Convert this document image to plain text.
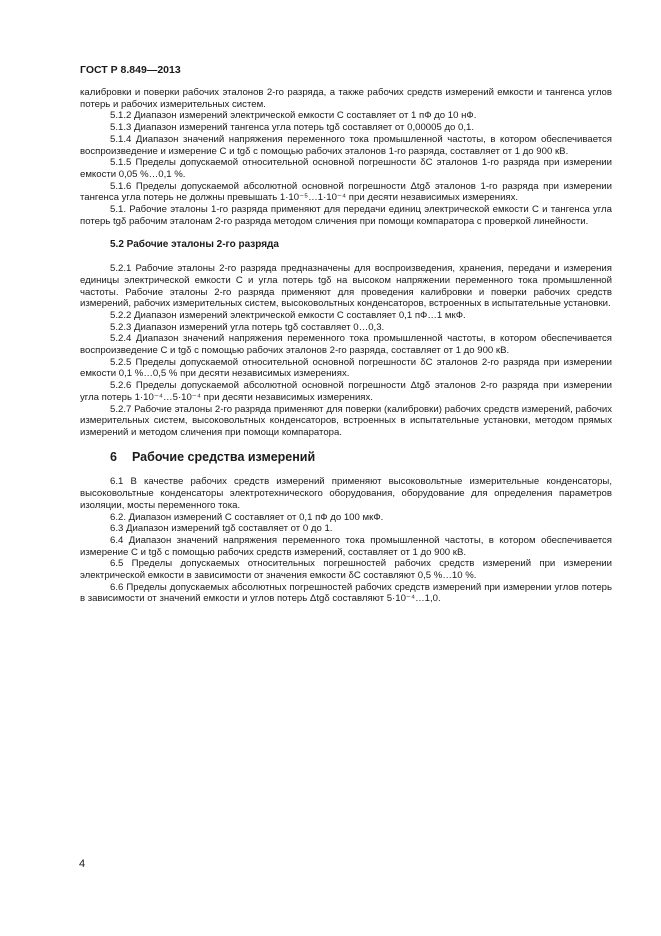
ГОСТ Р 8.849—2013

калибровки и поверки рабочих эталонов 2-го разряда, а также рабочих средств измерений емкости и тангенса углов потерь и рабочих измерительных систем.

5.1.2 Диапазон измерений электрической емкости C составляет от 1 пФ до 10 нФ.

5.1.3 Диапазон измерений тангенса угла потерь tgδ составляет от 0,00005 до 0,1.

5.1.4 Диапазон значений напряжения переменного тока промышленной частоты, в котором обеспечивается воспроизведение и измерение C и tgδ с помощью рабочих эталонов 1-го разряда, составляет от 1 до 900 кВ.

5.1.5 Пределы допускаемой относительной основной погрешности δC эталонов 1-го разряда при измерении емкости 0,05 %…0,1 %.

5.1.6 Пределы допускаемой абсолютной основной погрешности Δtgδ эталонов 1-го разряда при измерении тангенса угла потерь не должны превышать 1·10⁻⁵…1·10⁻⁴ при десяти независимых измерениях.

5.1. Рабочие эталоны 1-го разряда применяют для передачи единиц электрической емкости C и тангенса угла потерь tgδ рабочим эталонам 2-го разряда методом сличения при помощи компаратора с проверкой линейности.

5.2 Рабочие эталоны 2-го разряда

5.2.1 Рабочие эталоны 2-го разряда предназначены для воспроизведения, хранения, передачи и измерения единицы электрической емкости C и угла потерь tgδ на высоком напряжении переменного тока промышленной частоты. Рабочие эталоны 2-го разряда применяют для проведения калибровки и поверки рабочих средств измерений, рабочих измерительных систем, высоковольтных конденсаторов, встроенных в испытательные установки.

5.2.2 Диапазон измерений электрической емкости C составляет 0,1 пФ…1 мкФ.

5.2.3 Диапазон измерений угла потерь tgδ составляет 0…0,3.

5.2.4 Диапазон значений напряжения переменного тока промышленной частоты, в котором обеспечивается воспроизведение C и tgδ с помощью рабочих эталонов 2-го разряда, составляет от 1 до 900 кВ.

5.2.5 Пределы допускаемой относительной основной погрешности δC эталонов 2-го разряда при измерении емкости 0,1 %…0,5 % при десяти независимых измерениях.

5.2.6 Пределы допускаемой абсолютной основной погрешности Δtgδ эталонов 2-го разряда при измерении угла потерь 1·10⁻⁴…5·10⁻⁴ при десяти независимых измерениях.

5.2.7 Рабочие эталоны 2-го разряда применяют для поверки (калибровки) рабочих средств измерений, рабочих измерительных систем, высоковольтных конденсаторов, встроенных в испытательные установки, методом прямых измерений и методом сличения при помощи компаратора.

6 Рабочие средства измерений

6.1 В качестве рабочих средств измерений применяют высоковольтные измерительные конденсаторы, высоковольтные конденсаторы электротехнического оборудования, оборудование для определения параметров изоляции, мосты переменного тока.

6.2. Диапазон измерений C составляет от 0,1 пФ до 100 мкФ.

6.3 Диапазон измерений tgδ составляет от 0 до 1.

6.4 Диапазон значений напряжения переменного тока промышленной частоты, в котором обеспечивается измерение C и tgδ с помощью рабочих средств измерений, составляет от 1 до 900 кВ.

6.5 Пределы допускаемых относительных погрешностей рабочих средств измерений при измерении электрической емкости в зависимости от значения емкости δC составляют 0,5 %…10 %.

6.6 Пределы допускаемых абсолютных погрешностей рабочих средств измерений при измерении углов потерь в зависимости от значений емкости и углов потерь Δtgδ составляют 5·10⁻⁴…1,0.

4
